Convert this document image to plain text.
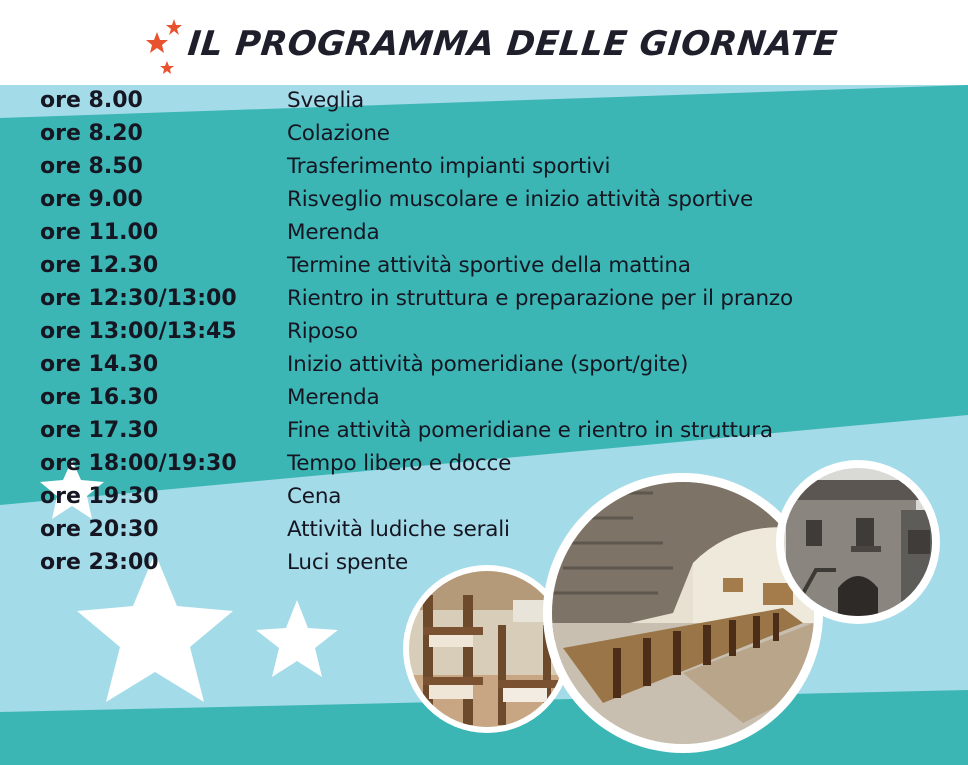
IL PROGRAMMA DELLE GIORNATE
ore 8.00	Sveglia
ore 8.20	Colazione
ore 8.50	Trasferimento impianti sportivi
ore 9.00	Risveglio muscolare e inizio attività sportive
ore 11.00	Merenda
ore 12.30	Termine attività sportive della mattina
ore 12:30/13:00	Rientro in struttura e preparazione per il pranzo
ore 13:00/13:45	Riposo
ore 14.30	Inizio attività pomeridiane (sport/gite)
ore 16.30	Merenda
ore 17.30	Fine attività pomeridiane e rientro in struttura
ore 18:00/19:30	Tempo libero e docce
ore 19:30	Cena
ore 20:30	Attività ludiche serali
ore 23:00	Luci spente
